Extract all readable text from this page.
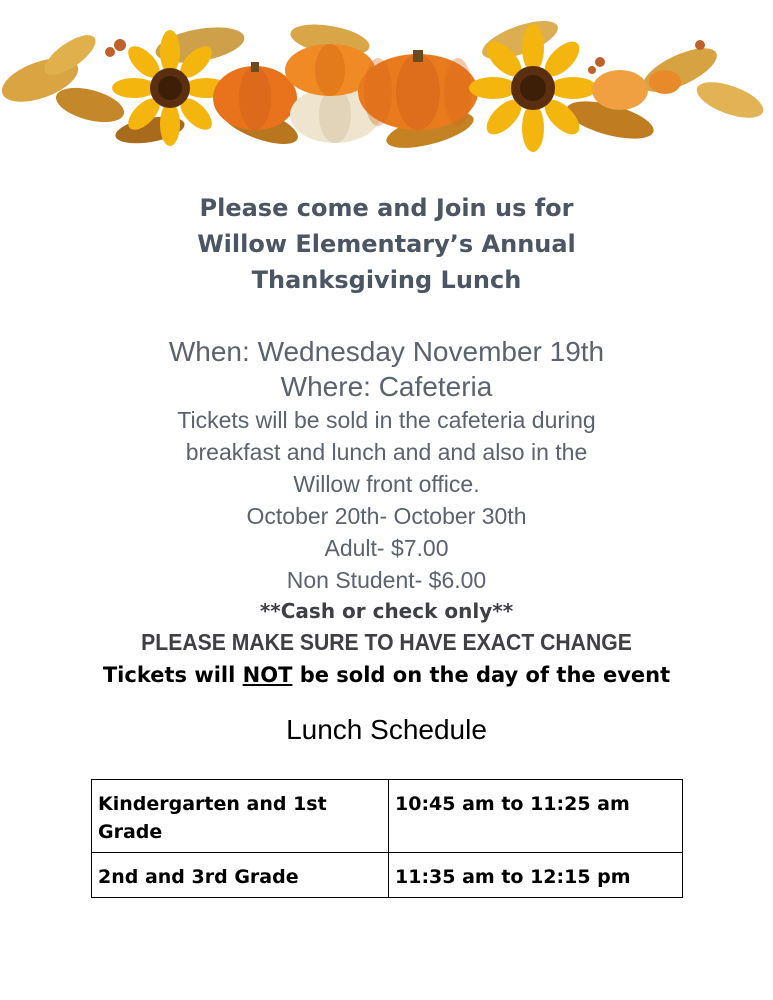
Please come and Join us for

Willow Elementary’s Annual

Thanksgiving Lunch

When: Wednesday November 19th

Where: Cafeteria

Tickets will be sold in the cafeteria during

breakfast and lunch and and also in the

Willow front office.

October 20th- October 30th

Adult- $7.00

Non Student- $6.00

**Cash or check only**

PLEASE MAKE SURE TO HAVE EXACT CHANGE

Tickets will NOT be sold on the day of the event

Lunch Schedule

Kindergarten and 1st Grade	10:45 am to 11:25 am
2nd and 3rd Grade	11:35 am to 12:15 pm
